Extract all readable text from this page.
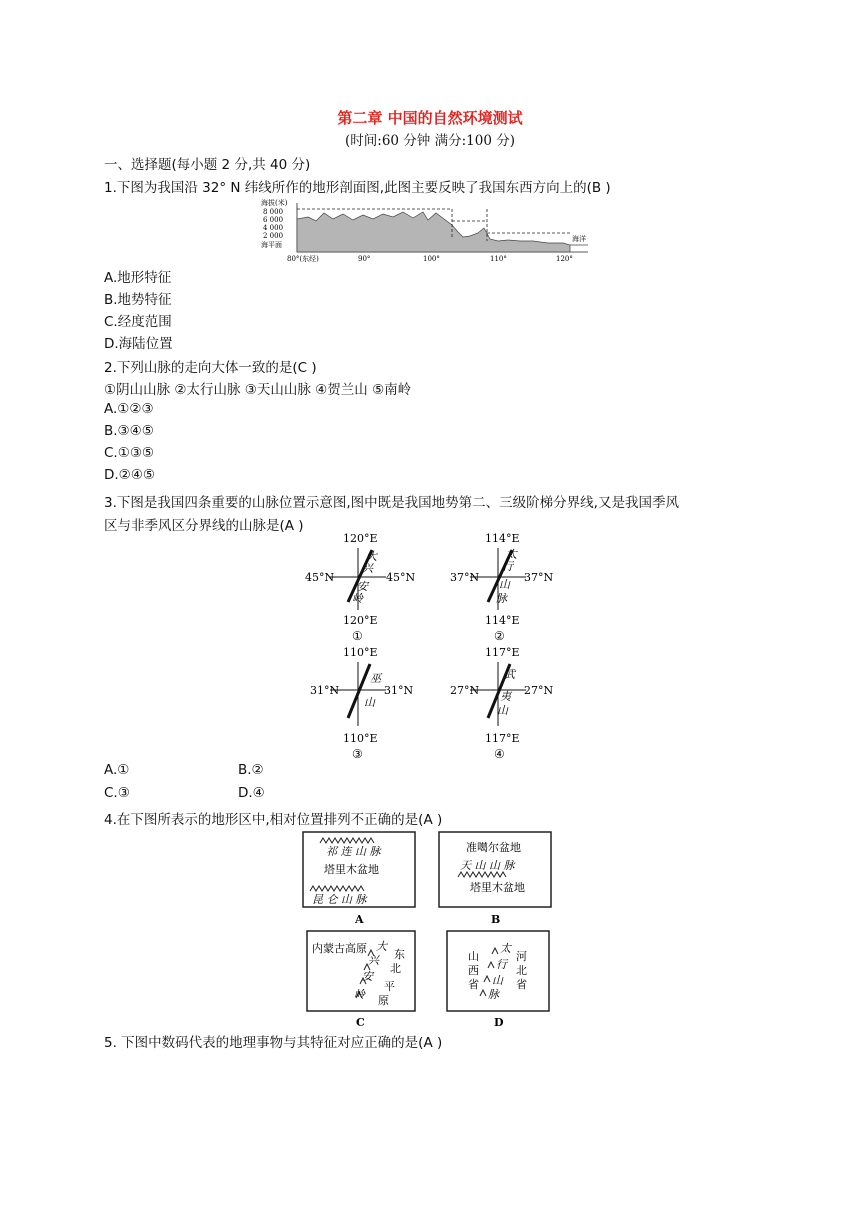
第二章 中国的自然环境测试
(时间:60 分钟 满分:100 分)
一、选择题(每小题 2 分,共 40 分)
1.下图为我国沿 32° N 纬线所作的地形剖面图,此图主要反映了我国东西方向上的(B )
海拔(米)
8 000
6 000
4 000
2 000
海平面
海洋
80°(东经)	90°	100°	110°	120°
A.地形特征
B.地势特征
C.经度范围
D.海陆位置
2.下列山脉的走向大体一致的是(C )
①阴山山脉 ②太行山脉 ③天山山脉 ④贺兰山 ⑤南岭
A.①②③
B.③④⑤
C.①③⑤
D.②④⑤
3.下图是我国四条重要的山脉位置示意图,图中既是我国地势第二、三级阶梯分界线,又是我国季风
区与非季风区分界线的山脉是(A )
120°E
45°N	45°N
大
兴
安
岭
120°E
①
114°E
37°N	37°N
太
行
山
脉
114°E
②
110°E
31°N	31°N
巫
山
110°E
③
117°E
27°N	27°N
武
夷
山
117°E
④
A.①	B.②
C.③	D.④
4.在下图所表示的地形区中,相对位置排列不正确的是(A )
祁 连 山 脉
塔里木盆地
昆 仑 山 脉
A
准噶尔盆地
天 山 山 脉
塔里木盆地
B
内蒙古高原 大
兴
安
岭
东
北
平
原
C
山
西
省
太
行
山
脉
河
北
省
D
5. 下图中数码代表的地理事物与其特征对应正确的是(A )
